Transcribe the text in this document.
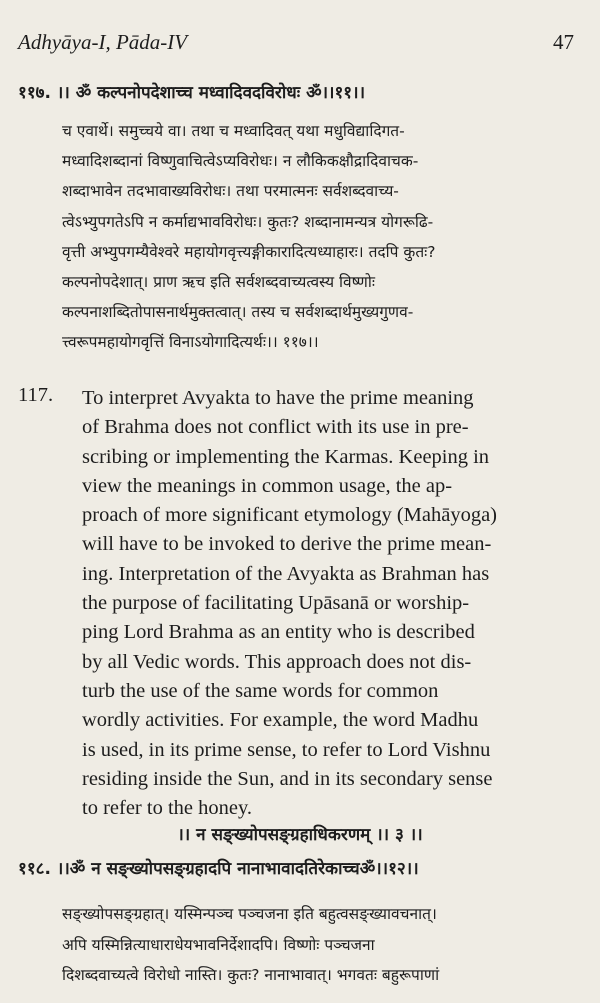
Adhyāya-I, Pāda-IV	47
११७. ।। ॐ कल्पनोपदेशाच्च मध्वादिवदविरोधः ॐ।।११।।
च एवार्थे। समुच्चये वा। तथा च मध्वादिवत् यथा मधुविद्यादिगत-
मध्वादिशब्दानां विष्णुवाचित्वेऽप्यविरोधः। न लौकिकक्षौद्रादिवाचक-
शब्दाभावेन तदभावाख्यविरोधः। तथा परमात्मनः सर्वशब्दवाच्य-
त्वेऽभ्युपगतेऽपि न कर्माद्यभावविरोधः। कुतः? शब्दानामन्यत्र योगरूढि-
वृत्ती अभ्युपगम्यैवेश्वरे महायोगवृत्त्यङ्गीकारादित्यध्याहारः। तदपि कुतः?
कल्पनोपदेशात्। प्राण ऋच इति सर्वशब्दवाच्यत्वस्य विष्णोः
कल्पनाशब्दितोपासनार्थमुक्तत्वात्। तस्य च सर्वशब्दार्थमुख्यगुणव-
त्त्वरूपमहायोगवृत्तिं विनाऽयोगादित्यर्थः।। ११७।।
117. To interpret Avyakta to have the prime meaning
of Brahma does not conflict with its use in pre-
scribing or implementing the Karmas. Keeping in
view the meanings in common usage, the ap-
proach of more significant etymology (Mahāyoga)
will have to be invoked to derive the prime mean-
ing. Interpretation of the Avyakta as Brahman has
the purpose of facilitating Upāsanā or worship-
ping Lord Brahma as an entity who is described
by all Vedic words. This approach does not dis-
turb the use of the same words for common
wordly activities. For example, the word Madhu
is used, in its prime sense, to refer to Lord Vishnu
residing inside the Sun, and in its secondary sense
to refer to the honey.
।। न सङ्ख्योपसङ्ग्रहाधिकरणम् ।। ३ ।।
११८. ।।ॐ न सङ्ख्योपसङ्ग्रहादपि नानाभावादतिरेकाच्चॐ।।१२।।
सङ्ख्योपसङ्ग्रहात्। यस्मिन्पञ्च पञ्चजना इति बहुत्वसङ्ख्यावचनात्।
अपि यस्मिन्नित्याधाराधेयभावनिर्देशादपि। विष्णोः पञ्चजना
दिशब्दवाच्यत्वे विरोधो नास्ति। कुतः? नानाभावात्। भगवतः बहुरूपाणां
